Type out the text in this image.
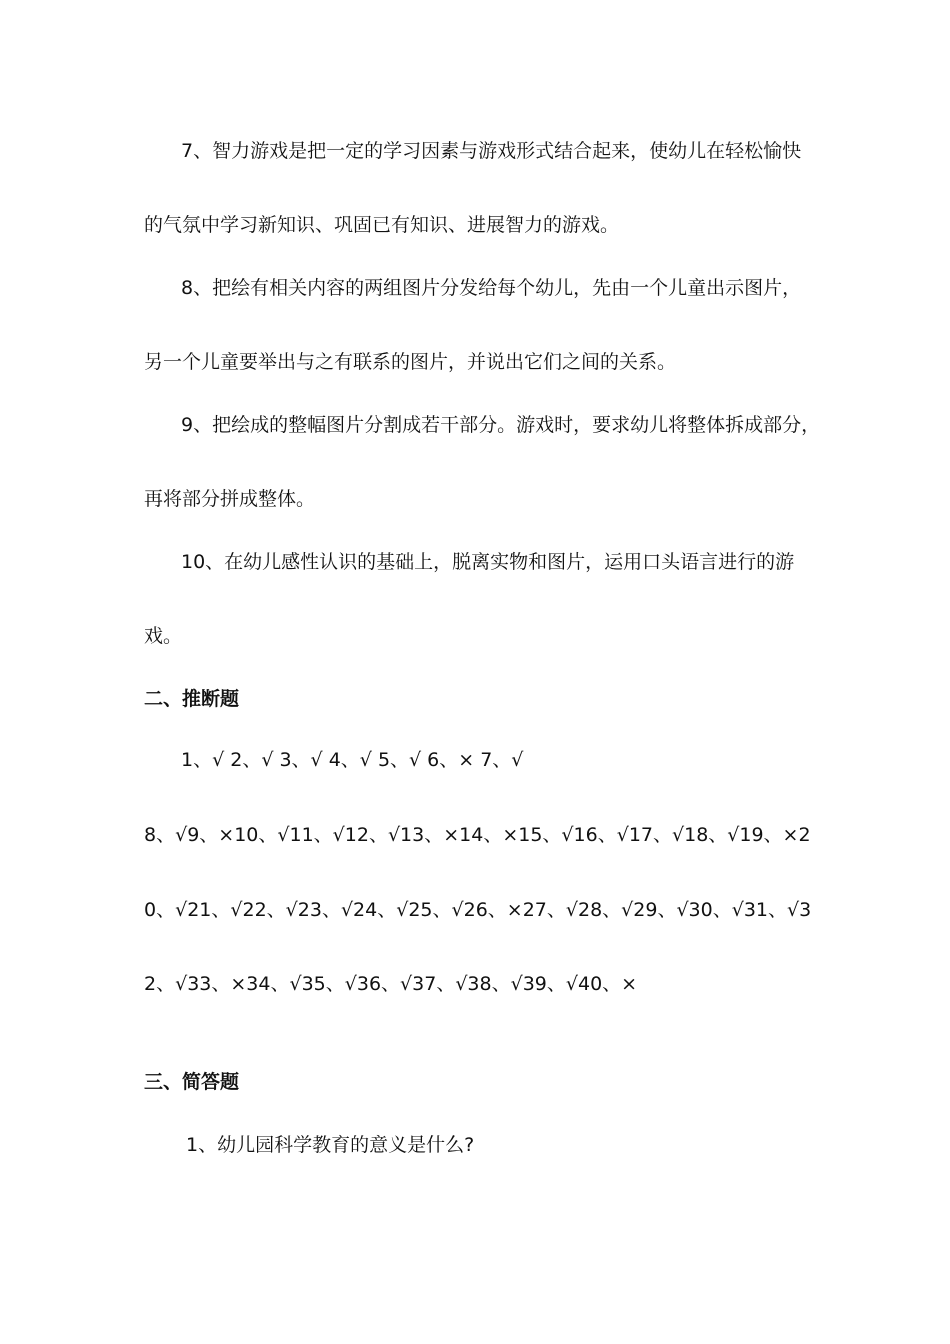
7、智力游戏是把一定的学习因素与游戏形式结合起来，使幼儿在轻松愉快
的气氛中学习新知识、巩固已有知识、进展智力的游戏。
8、把绘有相关内容的两组图片分发给每个幼儿，先由一个儿童出示图片，
另一个儿童要举出与之有联系的图片，并说出它们之间的关系。
9、把绘成的整幅图片分割成若干部分。游戏时，要求幼儿将整体拆成部分，
再将部分拼成整体。
10、在幼儿感性认识的基础上，脱离实物和图片，运用口头语言进行的游
戏。
二、推断题
1、√ 2、√ 3、√ 4、√ 5、√ 6、× 7、√
8、√9、×10、√11、√12、√13、×14、×15、√16、√17、√18、√19、×2
0、√21、√22、√23、√24、√25、√26、×27、√28、√29、√30、√31、√3
2、√33、×34、√35、√36、√37、√38、√39、√40、×
三、简答题
1、幼儿园科学教育的意义是什么?
